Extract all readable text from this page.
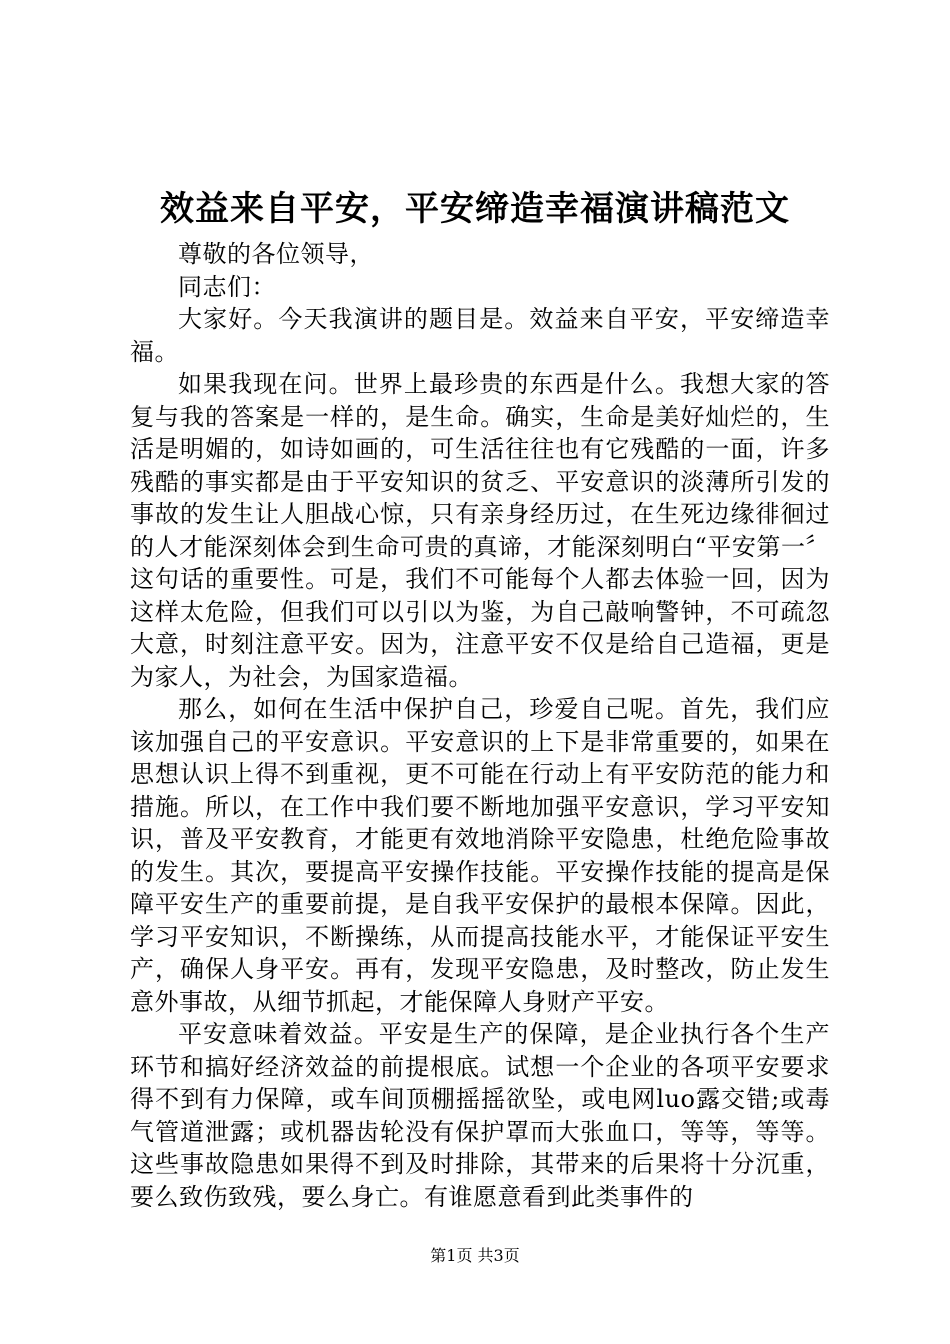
效益来自平安，平安缔造幸福演讲稿范文

尊敬的各位领导，

同志们：

大家好。今天我演讲的题目是。效益来自平安，平安缔造幸福。

如果我现在问。世界上最珍贵的东西是什么。我想大家的答复与我的答案是一样的，是生命。确实，生命是美好灿烂的，生活是明媚的，如诗如画的，可生活往往也有它残酷的一面，许多残酷的事实都是由于平安知识的贫乏、平安意识的淡薄所引发的事故的发生让人胆战心惊，只有亲身经历过，在生死边缘徘徊过的人才能深刻体会到生命可贵的真谛，才能深刻明白“平安第一〞这句话的重要性。可是，我们不可能每个人都去体验一回，因为这样太危险，但我们可以引以为鉴，为自己敲响警钟，不可疏忽大意，时刻注意平安。因为，注意平安不仅是给自己造福，更是为家人，为社会，为国家造福。

那么，如何在生活中保护自己，珍爱自己呢。首先，我们应该加强自己的平安意识。平安意识的上下是非常重要的，如果在思想认识上得不到重视，更不可能在行动上有平安防范的能力和措施。所以，在工作中我们要不断地加强平安意识，学习平安知识，普及平安教育，才能更有效地消除平安隐患，杜绝危险事故的发生。其次，要提高平安操作技能。平安操作技能的提高是保障平安生产的重要前提，是自我平安保护的最根本保障。因此，学习平安知识，不断操练，从而提高技能水平，才能保证平安生产，确保人身平安。再有，发现平安隐患，及时整改，防止发生意外事故，从细节抓起，才能保障人身财产平安。

平安意味着效益。平安是生产的保障，是企业执行各个生产环节和搞好经济效益的前提根底。试想一个企业的各项平安要求得不到有力保障，或车间顶棚摇摇欲坠，或电网luo露交错;或毒气管道泄露；或机器齿轮没有保护罩而大张血口，等等，等等。这些事故隐患如果得不到及时排除，其带来的后果将十分沉重，要么致伤致残，要么身亡。有谁愿意看到此类事件的

第1页 共3页
